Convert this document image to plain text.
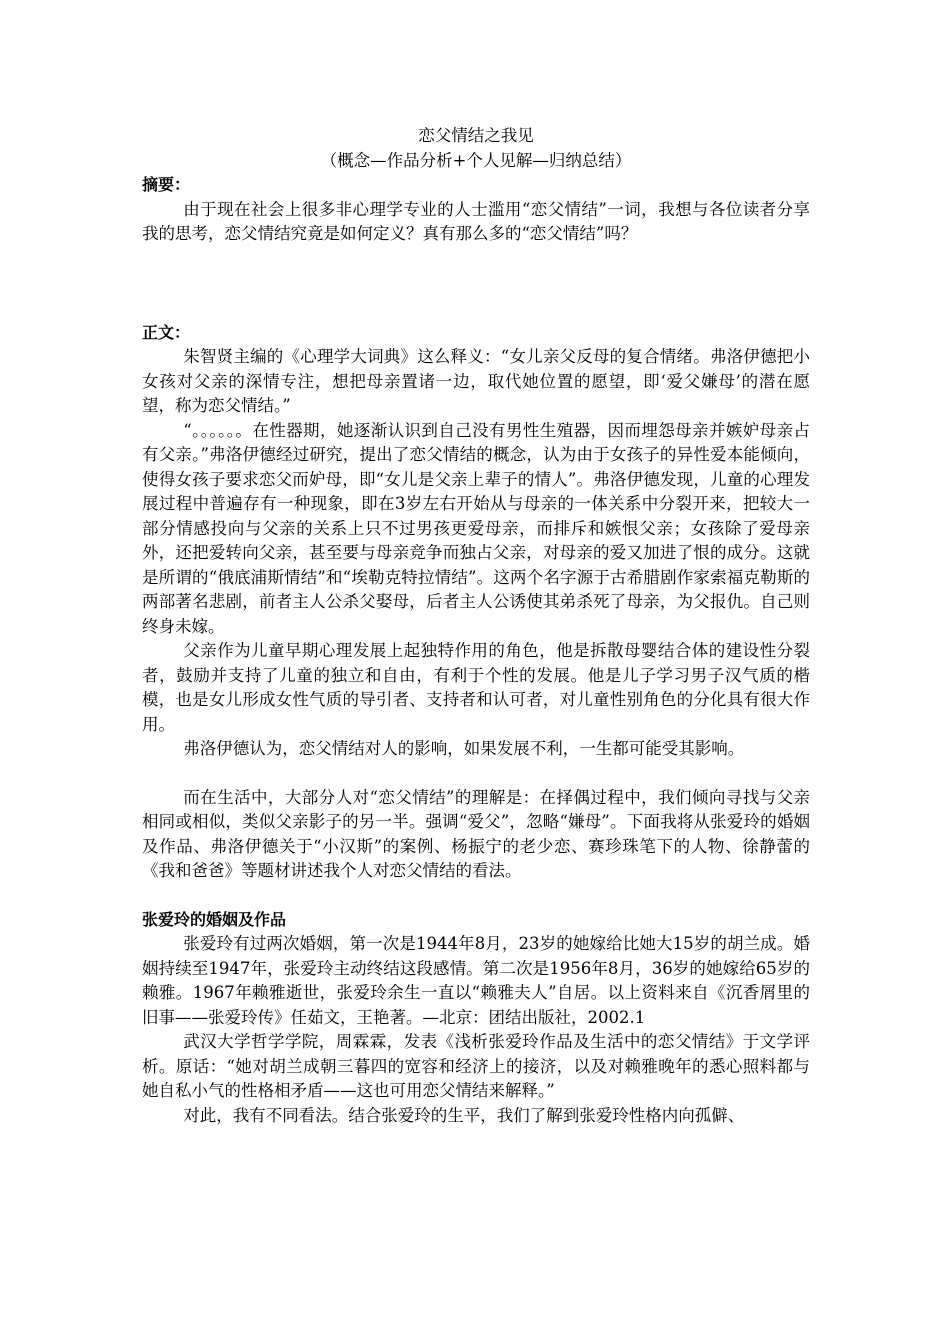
恋父情结之我见
（概念—作品分析+个人见解—归纳总结）
摘要：

由于现在社会上很多非心理学专业的人士滥用“恋父情结”一词，我想与各位读者分享我的思考，恋父情结究竟是如何定义？真有那么多的“恋父情结”吗？

正文：

朱智贤主编的《心理学大词典》这么释义：“女儿亲父反母的复合情绪。弗洛伊德把小女孩对父亲的深情专注，想把母亲置诸一边，取代她位置的愿望，即‘爱父嫌母’的潜在愿望，称为恋父情结。”

“。。。。。。在性器期，她逐渐认识到自己没有男性生殖器，因而埋怨母亲并嫉妒母亲占有父亲。”弗洛伊德经过研究，提出了恋父情结的概念，认为由于女孩子的异性爱本能倾向，使得女孩子要求恋父而妒母，即“女儿是父亲上辈子的情人”。弗洛伊德发现，儿童的心理发展过程中普遍存有一种现象，即在3岁左右开始从与母亲的一体关系中分裂开来，把较大一部分情感投向与父亲的关系上只不过男孩更爱母亲，而排斥和嫉恨父亲；女孩除了爱母亲外，还把爱转向父亲，甚至要与母亲竞争而独占父亲，对母亲的爱又加进了恨的成分。这就是所谓的“俄底浦斯情结”和“埃勒克特拉情结”。这两个名字源于古希腊剧作家索福克勒斯的两部著名悲剧，前者主人公杀父娶母，后者主人公诱使其弟杀死了母亲，为父报仇。自己则终身未嫁。

父亲作为儿童早期心理发展上起独特作用的角色，他是拆散母婴结合体的建设性分裂者，鼓励并支持了儿童的独立和自由，有利于个性的发展。他是儿子学习男子汉气质的楷模，也是女儿形成女性气质的导引者、支持者和认可者，对儿童性别角色的分化具有很大作用。

弗洛伊德认为，恋父情结对人的影响，如果发展不利，一生都可能受其影响。

而在生活中，大部分人对“恋父情结”的理解是：在择偶过程中，我们倾向寻找与父亲相同或相似，类似父亲影子的另一半。强调“爱父”，忽略“嫌母”。下面我将从张爱玲的婚姻及作品、弗洛伊德关于“小汉斯”的案例、杨振宁的老少恋、赛珍珠笔下的人物、徐静蕾的《我和爸爸》等题材讲述我个人对恋父情结的看法。

张爱玲的婚姻及作品

张爱玲有过两次婚姻，第一次是1944年8月，23岁的她嫁给比她大15岁的胡兰成。婚姻持续至1947年，张爱玲主动终结这段感情。第二次是1956年8月，36岁的她嫁给65岁的赖雅。1967年赖雅逝世，张爱玲余生一直以“赖雅夫人”自居。以上资料来自《沉香屑里的旧事——张爱玲传》任茹文，王艳著。—北京：团结出版社，2002.1

武汉大学哲学学院，周霖霖，发表《浅析张爱玲作品及生活中的恋父情结》于文学评析。原话：“她对胡兰成朝三暮四的宽容和经济上的接济，以及对赖雅晚年的悉心照料都与她自私小气的性格相矛盾——这也可用恋父情结来解释。”

对此，我有不同看法。结合张爱玲的生平，我们了解到张爱玲性格内向孤僻、
